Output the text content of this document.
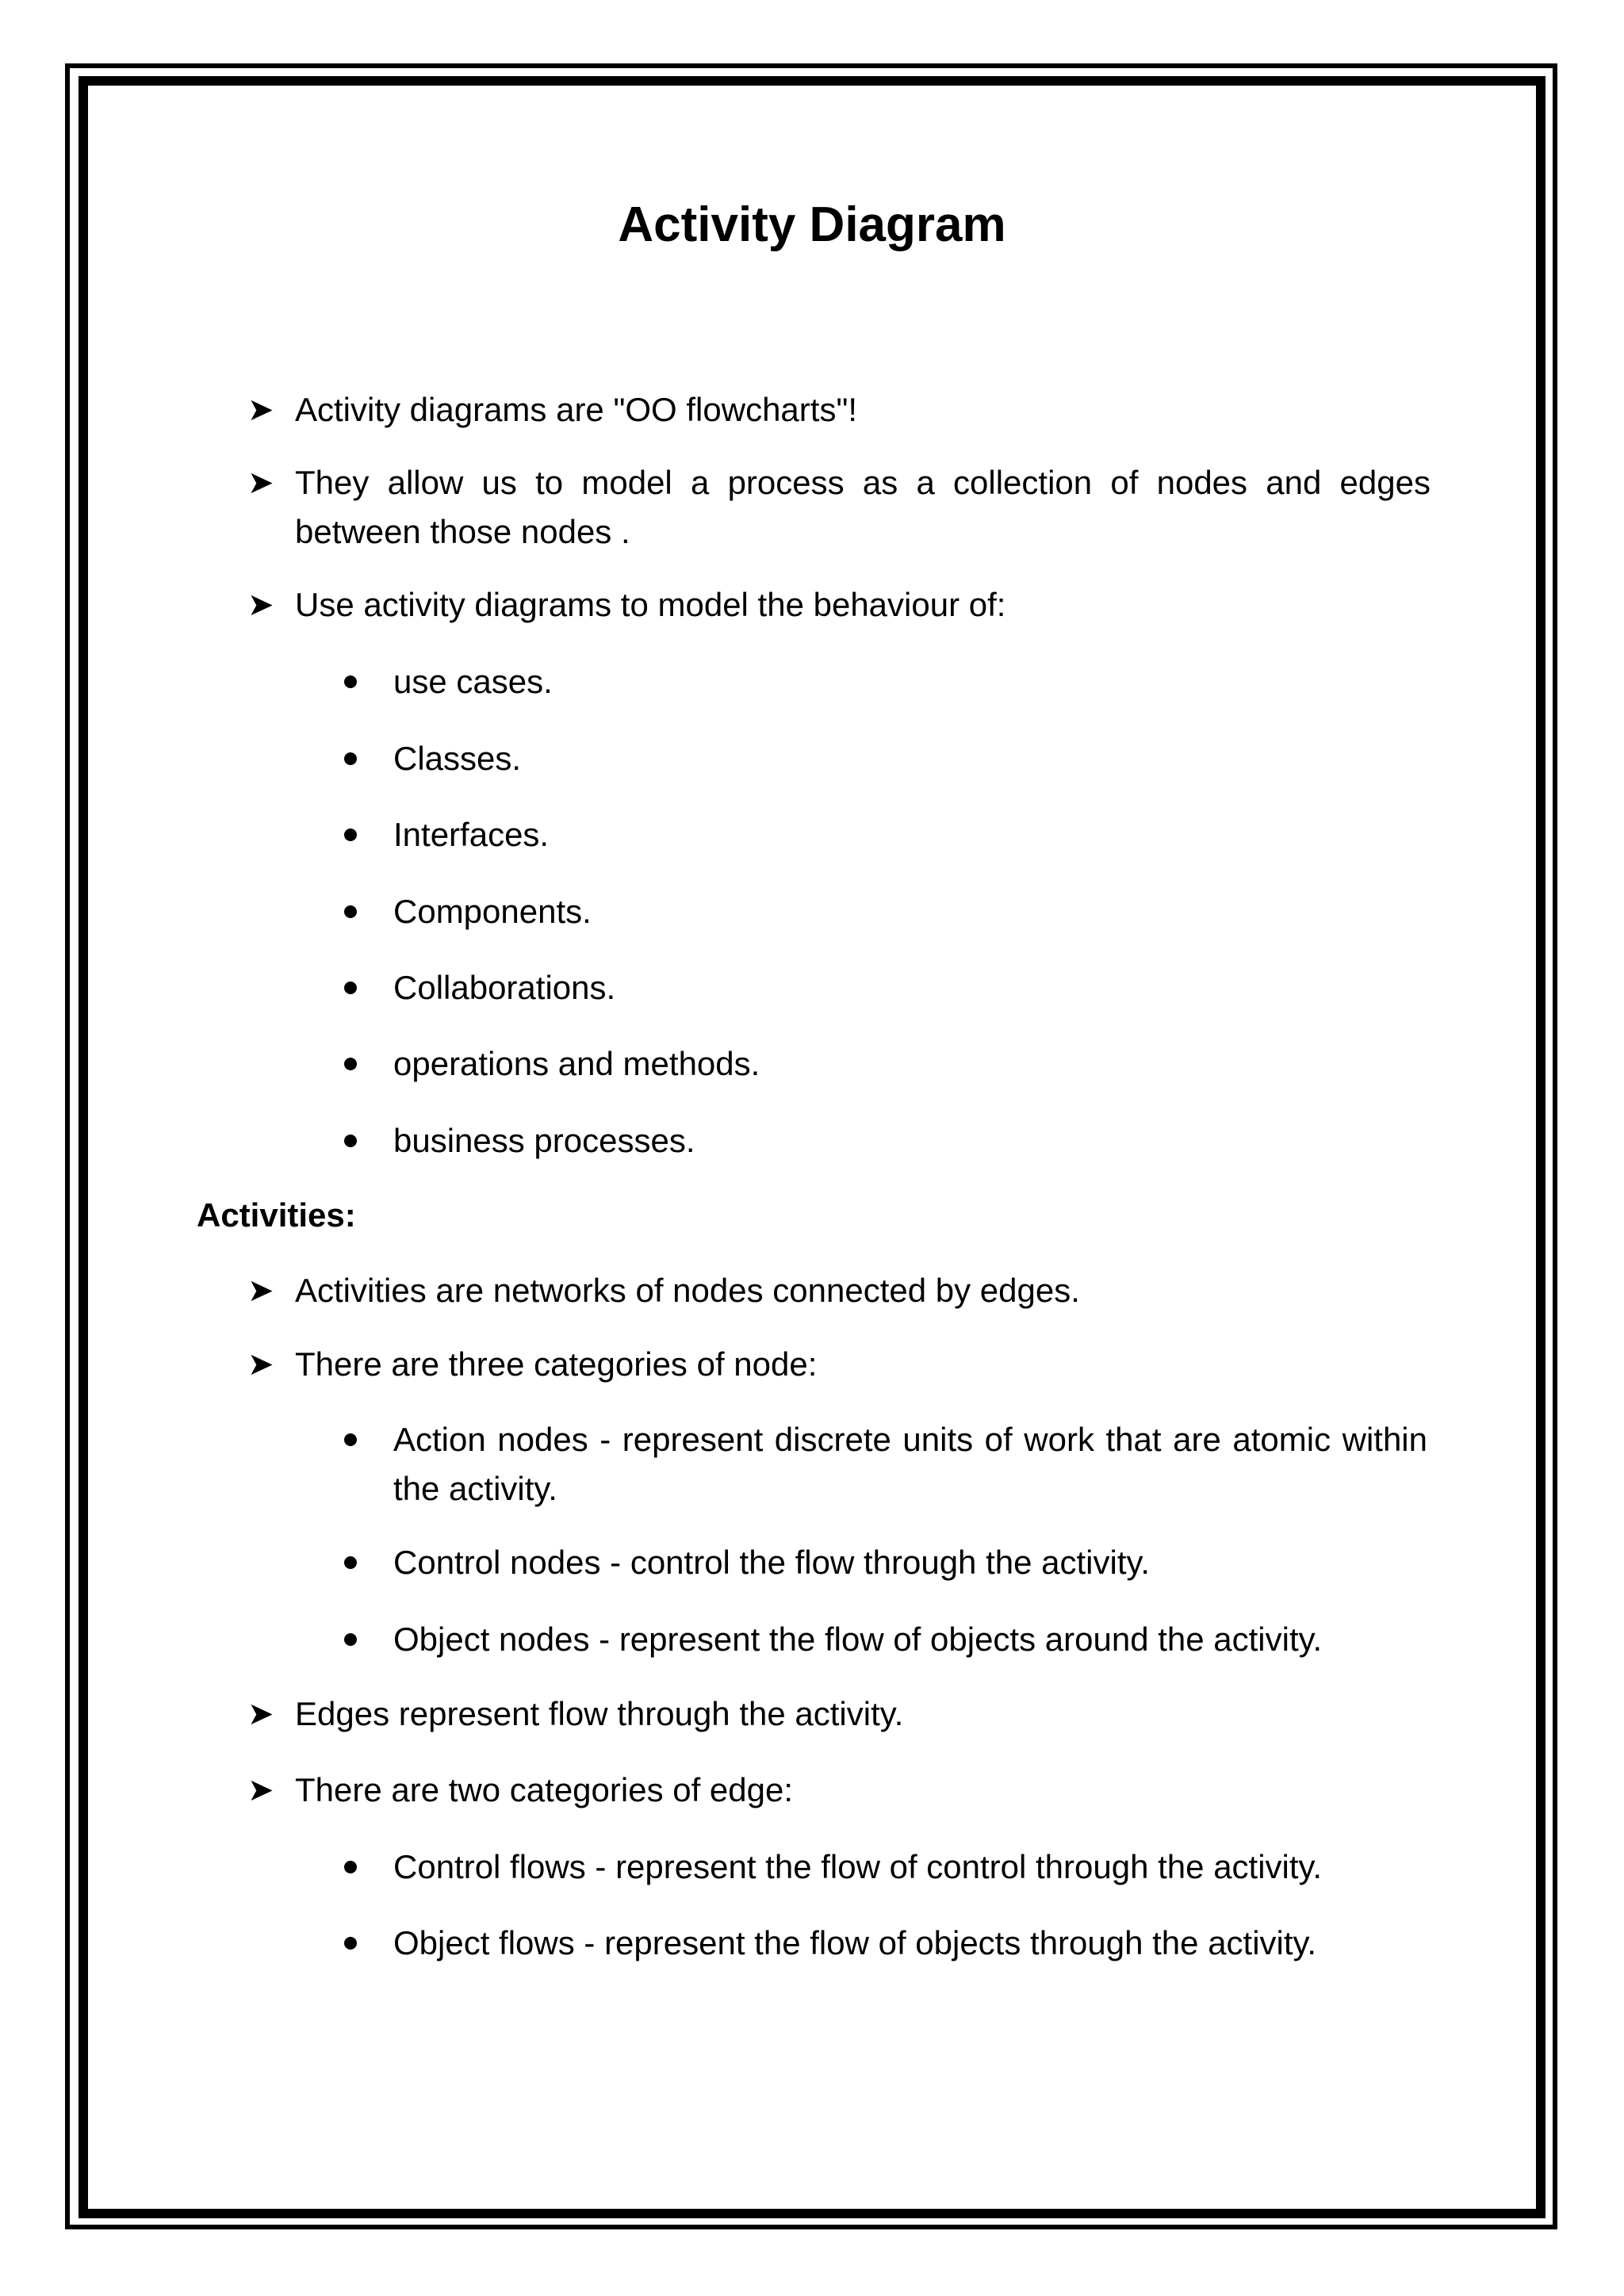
Activity Diagram
➤ Activity diagrams are "OO flowcharts"!

➤ They allow us to model a process as a collection of nodes and edges between those nodes .

➤ Use activity diagrams to model the behaviour of:

use cases.

Classes.

Interfaces.

Components.

Collaborations.

operations and methods.

business processes.

Activities:

➤ Activities are networks of nodes connected by edges.

➤ There are three categories of node:

Action nodes - represent discrete units of work that are atomic within the activity.

Control nodes - control the flow through the activity.

Object nodes - represent the flow of objects around the activity.

➤ Edges represent flow through the activity.

➤ There are two categories of edge:

Control flows - represent the flow of control through the activity.

Object flows - represent the flow of objects through the activity.
